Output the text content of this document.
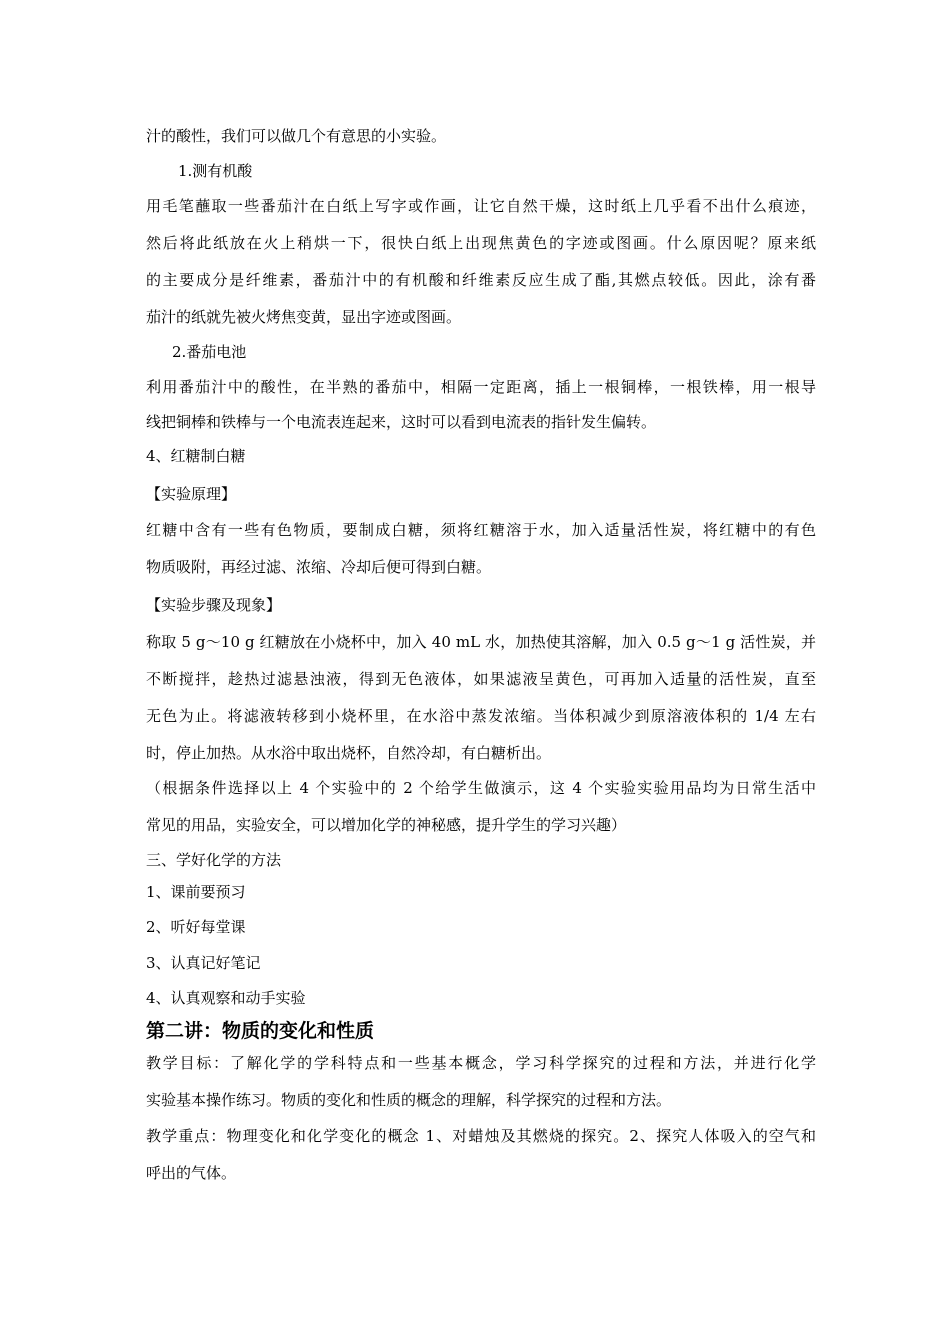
汁的酸性，我们可以做几个有意思的小实验。
1.测有机酸
用毛笔蘸取一些番茄汁在白纸上写字或作画，让它自然干燥，这时纸上几乎看不出什么痕迹，
然后将此纸放在火上稍烘一下，很快白纸上出现焦黄色的字迹或图画。什么原因呢？原来纸
的主要成分是纤维素，番茄汁中的有机酸和纤维素反应生成了酯,其燃点较低。因此，涂有番
茄汁的纸就先被火烤焦变黄，显出字迹或图画。
2.番茄电池
利用番茄汁中的酸性，在半熟的番茄中，相隔一定距离，插上一根铜棒，一根铁棒，用一根导
线把铜棒和铁棒与一个电流表连起来，这时可以看到电流表的指针发生偏转。
4、红糖制白糖
【实验原理】
红糖中含有一些有色物质，要制成白糖，须将红糖溶于水，加入适量活性炭，将红糖中的有色
物质吸附，再经过滤、浓缩、冷却后便可得到白糖。
【实验步骤及现象】
称取 5 g～10 g 红糖放在小烧杯中，加入 40 mL 水，加热使其溶解，加入 0.5 g～1 g 活性炭，并
不断搅拌，趁热过滤悬浊液，得到无色液体，如果滤液呈黄色，可再加入适量的活性炭，直至
无色为止。将滤液转移到小烧杯里，在水浴中蒸发浓缩。当体积减少到原溶液体积的 1/4 左右
时，停止加热。从水浴中取出烧杯，自然冷却，有白糖析出。
（根据条件选择以上 4 个实验中的 2 个给学生做演示，这 4 个实验实验用品均为日常生活中
常见的用品，实验安全，可以增加化学的神秘感，提升学生的学习兴趣）
三、学好化学的方法
1、课前要预习
2、听好每堂课
3、认真记好笔记
4、认真观察和动手实验
第二讲：物质的变化和性质
教学目标：了解化学的学科特点和一些基本概念，学习科学探究的过程和方法，并进行化学
实验基本操作练习。物质的变化和性质的概念的理解，科学探究的过程和方法。
教学重点：物理变化和化学变化的概念 1、对蜡烛及其燃烧的探究。2、探究人体吸入的空气和
呼出的气体。
